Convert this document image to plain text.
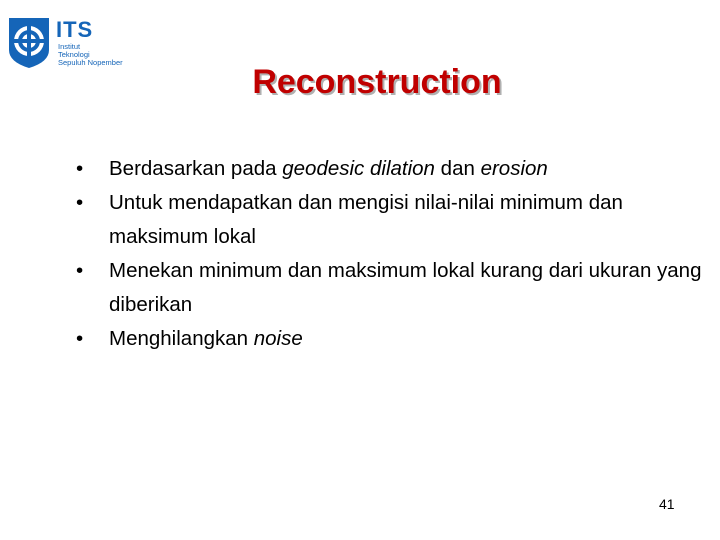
ITS
Institut
Teknologi
Sepuluh Nopember
Reconstruction
• Berdasarkan pada geodesic dilation dan erosion
• Untuk mendapatkan dan mengisi nilai-nilai minimum dan maksimum lokal
• Menekan minimum dan maksimum lokal kurang dari ukuran yang diberikan
• Menghilangkan noise
41
